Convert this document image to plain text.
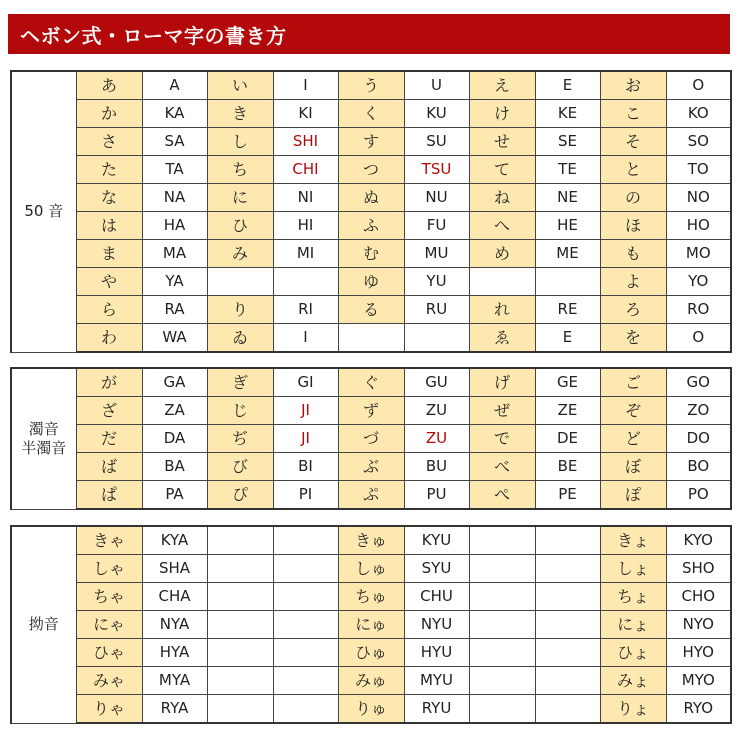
ヘボン式・ローマ字の書き方
50 音	あ	A	い	I	う	U	え	E	お	O
	か	KA	き	KI	く	KU	け	KE	こ	KO
	さ	SA	し	SHI	す	SU	せ	SE	そ	SO
	た	TA	ち	CHI	つ	TSU	て	TE	と	TO
	な	NA	に	NI	ぬ	NU	ね	NE	の	NO
	は	HA	ひ	HI	ふ	FU	へ	HE	ほ	HO
	ま	MA	み	MI	む	MU	め	ME	も	MO
	や	YA			ゆ	YU			よ	YO
	ら	RA	り	RI	る	RU	れ	RE	ろ	RO
	わ	WA	ゐ	I			ゑ	E	を	O
濁音
半濁音	が	GA	ぎ	GI	ぐ	GU	げ	GE	ご	GO
	ざ	ZA	じ	JI	ず	ZU	ぜ	ZE	ぞ	ZO
	だ	DA	ぢ	JI	づ	ZU	で	DE	ど	DO
	ば	BA	び	BI	ぶ	BU	べ	BE	ぼ	BO
	ぱ	PA	ぴ	PI	ぷ	PU	ぺ	PE	ぽ	PO
拗音	きゃ	KYA			きゅ	KYU			きょ	KYO
	しゃ	SHA			しゅ	SYU			しょ	SHO
	ちゃ	CHA			ちゅ	CHU			ちょ	CHO
	にゃ	NYA			にゅ	NYU			にょ	NYO
	ひゃ	HYA			ひゅ	HYU			ひょ	HYO
	みゃ	MYA			みゅ	MYU			みょ	MYO
	りゃ	RYA			りゅ	RYU			りょ	RYO
